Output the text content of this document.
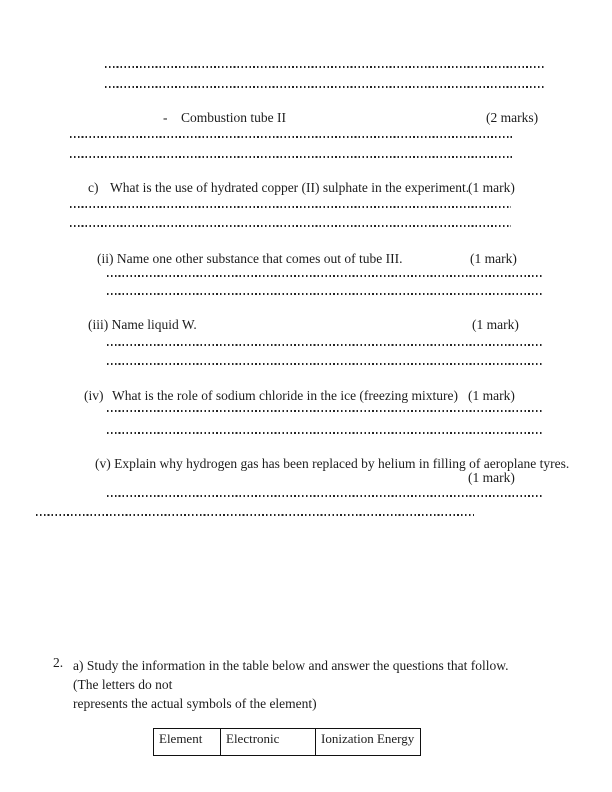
- Combustion tube II	(2 marks)
c) What is the use of hydrated copper (II) sulphate in the experiment.
(1 mark)
(ii) Name one other substance that comes out of tube III.	(1 mark)
(iii) Name liquid W.	(1 mark)
(iv) What is the role of sodium chloride in the ice (freezing mixture) (1 mark)
(v) Explain why hydrogen gas has been replaced by helium in filling of aeroplane tyres.
(1 mark)
2. a) Study the information in the table below and answer the questions that follow. (The letters do not
represents the actual symbols of the element)
Element	Electronic	Ionization Energy
